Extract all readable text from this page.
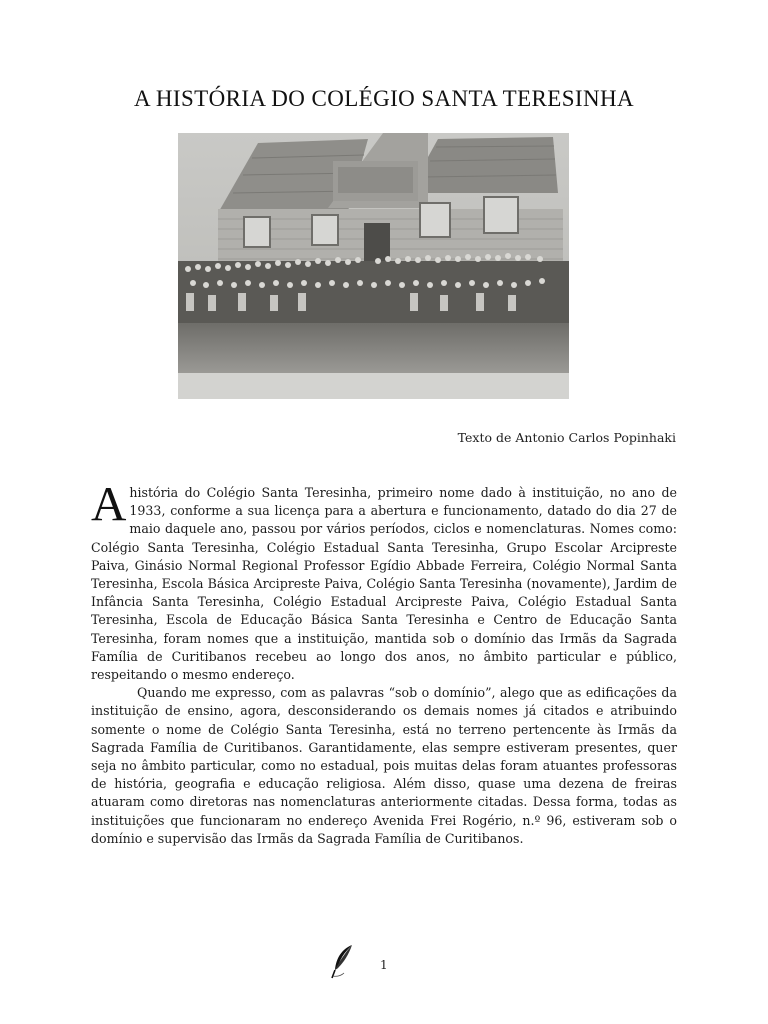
A HISTÓRIA DO COLÉGIO SANTA TERESINHA
Texto de Antonio Carlos Popinhaki

Ahistória do Colégio Santa Teresinha, primeiro nome dado à instituição, no ano de 1933, conforme a sua licença para a abertura e funcionamento, datado do dia 27 de maio daquele ano, passou por vários períodos, ciclos e nomenclaturas. Nomes como: Colégio Santa Teresinha, Colégio Estadual Santa Teresinha, Grupo Escolar Arcipreste Paiva, Ginásio Normal Regional Professor Egídio Abbade Ferreira, Colégio Normal Santa Teresinha, Escola Básica Arcipreste Paiva, Colégio Santa Teresinha (novamente), Jardim de Infância Santa Teresinha, Colégio Estadual Arcipreste Paiva, Colégio Estadual Santa Teresinha, Escola de Educação Básica Santa Teresinha e Centro de Educação Santa Teresinha, foram nomes que a instituição, mantida sob o domínio das Irmãs da Sagrada Família de Curitibanos recebeu ao longo dos anos, no âmbito particular e público, respeitando o mesmo endereço.

Quando me expresso, com as palavras “sob o domínio”, alego que as edificações da instituição de ensino, agora, desconsiderando os demais nomes já citados e atribuindo somente o nome de Colégio Santa Teresinha, está no terreno pertencente às Irmãs da Sagrada Família de Curitibanos. Garantidamente, elas sempre estiveram presentes, quer seja no âmbito particular, como no estadual, pois muitas delas foram atuantes professoras de história, geografia e educação religiosa. Além disso, quase uma dezena de freiras atuaram como diretoras nas nomenclaturas anteriormente citadas. Dessa forma, todas as instituições que funcionaram no endereço Avenida Frei Rogério, n.º 96, estiveram sob o domínio e supervisão das Irmãs da Sagrada Família de Curitibanos.

1
